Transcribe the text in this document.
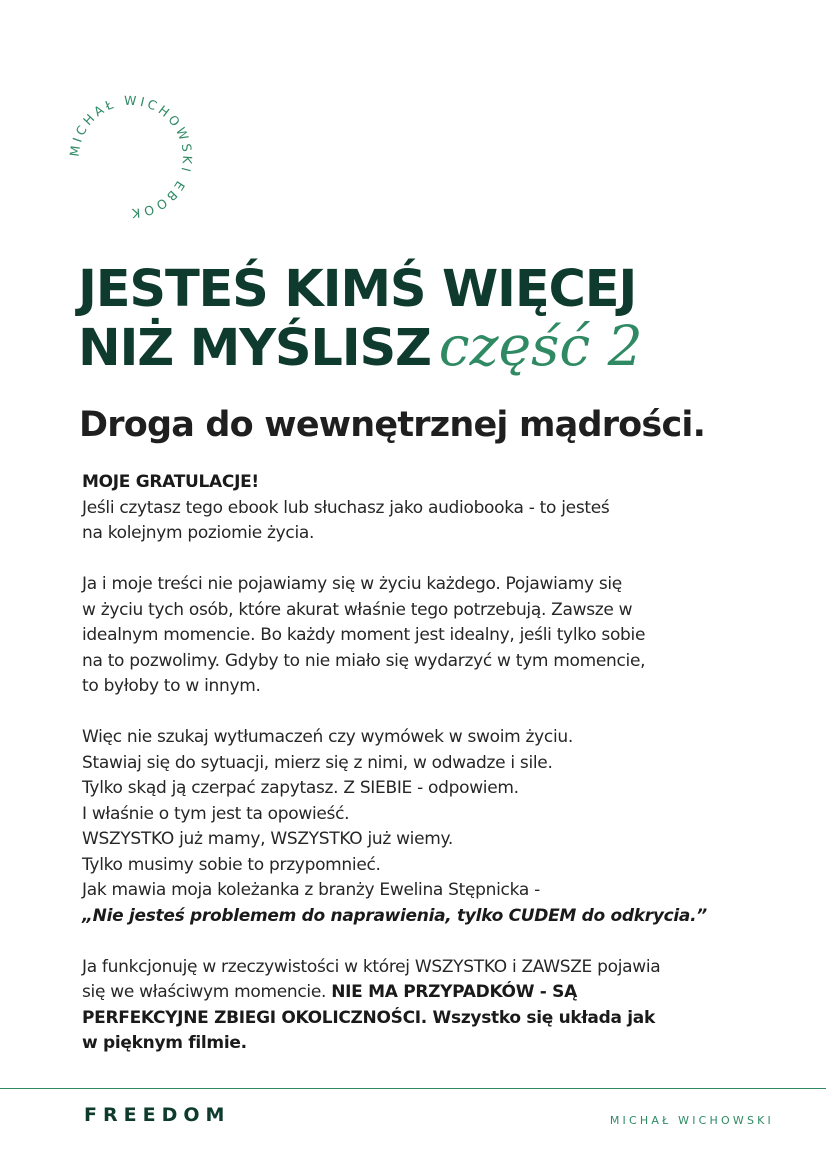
MICHAŁ WICHOWSKI EBOOK
JESTEŚ KIMŚ WIĘCEJ
NIŻ MYŚLISZ część 2
Droga do wewnętrznej mądrości.
MOJE GRATULACJE!
Jeśli czytasz tego ebook lub słuchasz jako audiobooka - to jesteś
na kolejnym poziomie życia.
Ja i moje treści nie pojawiamy się w życiu każdego. Pojawiamy się
w życiu tych osób, które akurat właśnie tego potrzebują. Zawsze w
idealnym momencie. Bo każdy moment jest idealny, jeśli tylko sobie
na to pozwolimy. Gdyby to nie miało się wydarzyć w tym momencie,
to byłoby to w innym.
Więc nie szukaj wytłumaczeń czy wymówek w swoim życiu.
Stawiaj się do sytuacji, mierz się z nimi, w odwadze i sile.
Tylko skąd ją czerpać zapytasz. Z SIEBIE - odpowiem.
I właśnie o tym jest ta opowieść.
WSZYSTKO już mamy, WSZYSTKO już wiemy.
Tylko musimy sobie to przypomnieć.
Jak mawia moja koleżanka z branży Ewelina Stępnicka -
„Nie jesteś problemem do naprawienia, tylko CUDEM do odkrycia.”
Ja funkcjonuję w rzeczywistości w której WSZYSTKO i ZAWSZE pojawia
się we właściwym momencie. NIE MA PRZYPADKÓW - SĄ
PERFEKCYJNE ZBIEGI OKOLICZNOŚCI. Wszystko się układa jak
w pięknym filmie.
FREEDOM	MICHAŁ WICHOWSKI
